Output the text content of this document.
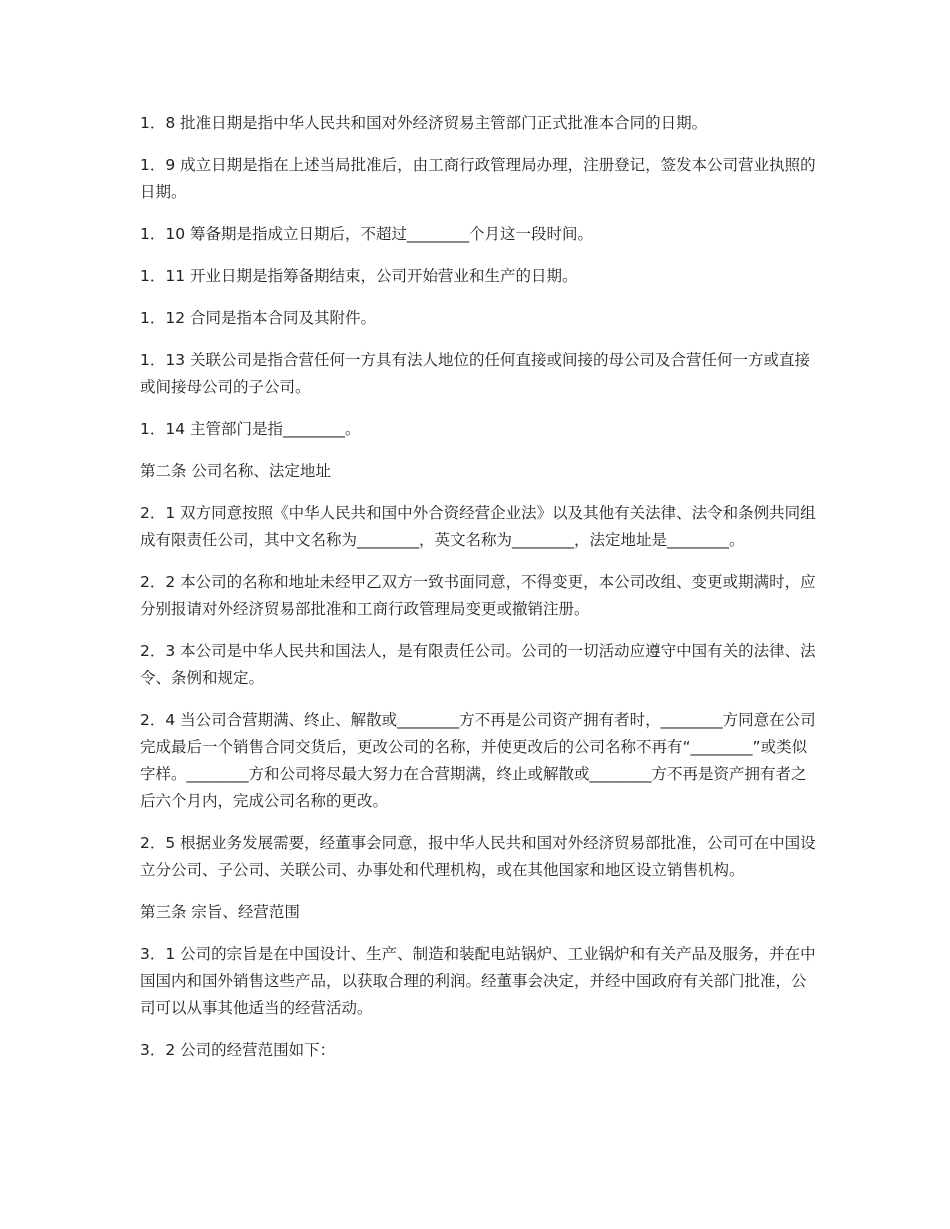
1．8 批准日期是指中华人民共和国对外经济贸易主管部门正式批准本合同的日期。

1．9 成立日期是指在上述当局批准后，由工商行政管理局办理，注册登记，签发本公司营业执照的日期。

1．10 筹备期是指成立日期后，不超过________个月这一段时间。

1．11 开业日期是指筹备期结束，公司开始营业和生产的日期。

1．12 合同是指本合同及其附件。

1．13 关联公司是指合营任何一方具有法人地位的任何直接或间接的母公司及合营任何一方或直接或间接母公司的子公司。

1．14 主管部门是指________。

第二条 公司名称、法定地址

2．1 双方同意按照《中华人民共和国中外合资经营企业法》以及其他有关法律、法令和条例共同组成有限责任公司，其中文名称为________，英文名称为________，法定地址是________。

2．2 本公司的名称和地址未经甲乙双方一致书面同意，不得变更，本公司改组、变更或期满时，应分别报请对外经济贸易部批准和工商行政管理局变更或撤销注册。

2．3 本公司是中华人民共和国法人，是有限责任公司。公司的一切活动应遵守中国有关的法律、法令、条例和规定。

2．4 当公司合营期满、终止、解散或________方不再是公司资产拥有者时，________方同意在公司完成最后一个销售合同交货后，更改公司的名称，并使更改后的公司名称不再有“________”或类似字样。________方和公司将尽最大努力在合营期满，终止或解散或________方不再是资产拥有者之后六个月内，完成公司名称的更改。

2．5 根据业务发展需要，经董事会同意，报中华人民共和国对外经济贸易部批准，公司可在中国设立分公司、子公司、关联公司、办事处和代理机构，或在其他国家和地区设立销售机构。

第三条 宗旨、经营范围

3．1 公司的宗旨是在中国设计、生产、制造和装配电站锅炉、工业锅炉和有关产品及服务，并在中国国内和国外销售这些产品，以获取合理的利润。经董事会决定，并经中国政府有关部门批准，公司可以从事其他适当的经营活动。

3．2 公司的经营范围如下：
